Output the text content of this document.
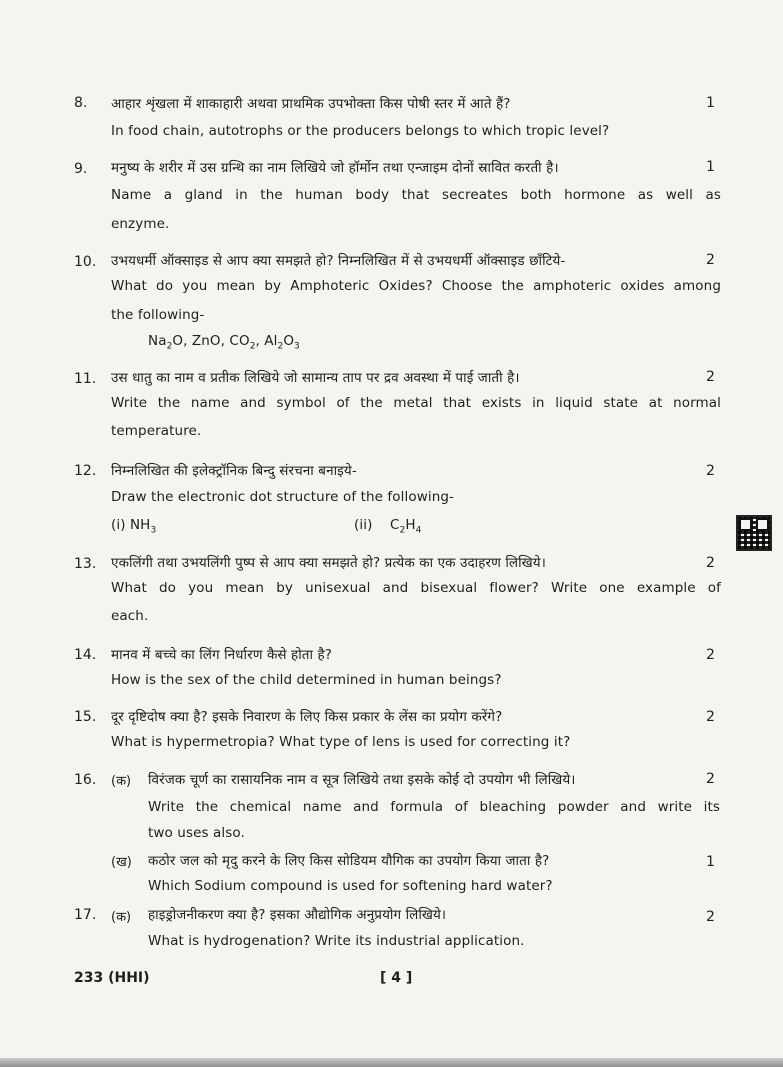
8. आहार शृंखला में शाकाहारी अथवा प्राथमिक उपभोक्ता किस पोषी स्तर में आते हैं?	1
In food chain, autotrophs or the producers belongs to which tropic level?
9. मनुष्य के शरीर में उस ग्रन्थि का नाम लिखिये जो हॉर्मोन तथा एन्जाइम दोनों स्रावित करती है।	1
Name a gland in the human body that secreates both hormone as well as
enzyme.
10. उभयधर्मी ऑक्साइड से आप क्या समझते हो? निम्नलिखित में से उभयधर्मी ऑक्साइड छाँटिये-	2
What do you mean by Amphoteric Oxides? Choose the amphoteric oxides among
the following-
$Na_2O$, ZnO, $CO_2$, $Al_2O_3$
11. उस धातु का नाम व प्रतीक लिखिये जो सामान्य ताप पर द्रव अवस्था में पाई जाती है।	2
Write the name and symbol of the metal that exists in liquid state at normal
temperature.
12. निम्नलिखित की इलेक्ट्रॉनिक बिन्दु संरचना बनाइये-	2
Draw the electronic dot structure of the following-
(i) $NH_3$	(ii) $C_2H_4$
13. एकलिंगी तथा उभयलिंगी पुष्प से आप क्या समझते हो? प्रत्येक का एक उदाहरण लिखिये।	2
What do you mean by unisexual and bisexual flower? Write one example of
each.
14. मानव में बच्चे का लिंग निर्धारण कैसे होता है?	2
How is the sex of the child determined in human beings?
15. दूर दृष्टिदोष क्या है? इसके निवारण के लिए किस प्रकार के लेंस का प्रयोग करेंगे?	2
What is hypermetropia? What type of lens is used for correcting it?
16. (क) विरंजक चूर्ण का रासायनिक नाम व सूत्र लिखिये तथा इसके कोई दो उपयोग भी लिखिये।	2
Write the chemical name and formula of bleaching powder and write its
two uses also.
(ख) कठोर जल को मृदु करने के लिए किस सोडियम यौगिक का उपयोग किया जाता है?	1
Which Sodium compound is used for softening hard water?
17. (क) हाइड्रोजनीकरण क्या है? इसका औद्योगिक अनुप्रयोग लिखिये।	2
What is hydrogenation? Write its industrial application.
233 (HHI)	[ 4 ]
